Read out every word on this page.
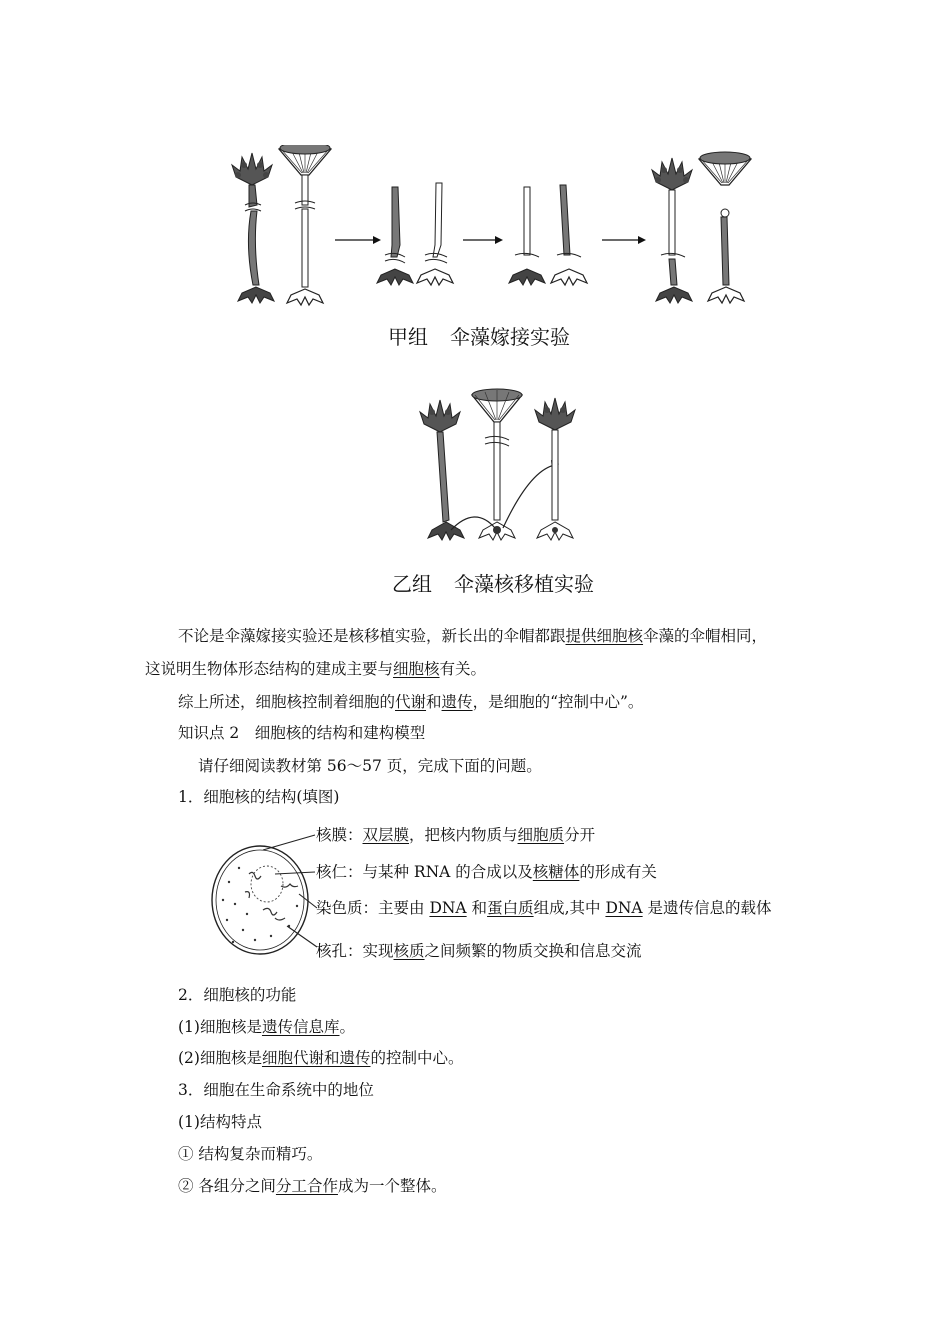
甲组 伞藻嫁接实验
乙组 伞藻核移植实验
不论是伞藻嫁接实验还是核移植实验，新长出的伞帽都跟提供细胞核伞藻的伞帽相同，
这说明生物体形态结构的建成主要与细胞核有关。
综上所述，细胞核控制着细胞的代谢和遗传，是细胞的“控制中心”。
知识点 2　细胞核的结构和建构模型
请仔细阅读教材第 56～57 页，完成下面的问题。
1．细胞核的结构(填图)
核膜：双层膜，把核内物质与细胞质分开
核仁：与某种 RNA 的合成以及核糖体的形成有关
染色质：主要由 DNA 和蛋白质组成,其中 DNA 是遗传信息的载体
核孔：实现核质之间频繁的物质交换和信息交流
2．细胞核的功能
(1)细胞核是遗传信息库。
(2)细胞核是细胞代谢和遗传的控制中心。
3．细胞在生命系统中的地位
(1)结构特点
① 结构复杂而精巧。
② 各组分之间分工合作成为一个整体。
